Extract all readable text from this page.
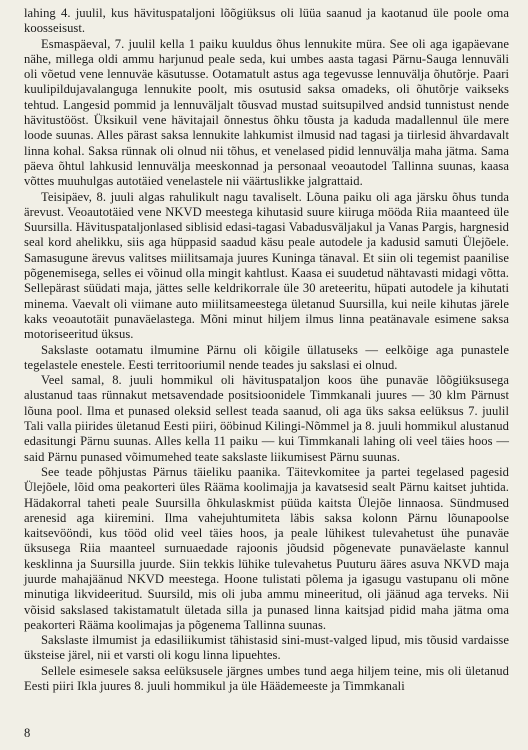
lahing 4. juulil, kus hävituspataljoni lõõgiüksus oli lüüa saanud ja kaotanud üle poole oma koosseisust.

Esmaspäeval, 7. juulil kella 1 paiku kuuldus õhus lennukite müra. See oli aga igapäevane nähe, millega oldi ammu harjunud peale seda, kui umbes aasta tagasi Pärnu-Sauga lennuväli oli võetud vene lennuväe käsutusse. Ootamatult astus aga tegevusse lennuvälja õhutõrje. Paari kuulipildujavalanguga lennukite poolt, mis osutusid saksa omadeks, oli õhutõrje vaikseks tehtud. Langesid pommid ja lennuväljalt tõusvad mustad suitsupilved andsid tunnistust nende hävitustööst. Üksikuil vene hävitajail õnnestus õhku tõusta ja kaduda madallennul üle mere loode suunas. Alles pärast saksa lennukite lahkumist ilmusid nad tagasi ja tiirlesid ähvardavalt linna kohal. Saksa rünnak oli olnud nii tõhus, et venelased pidid lennuvälja maha jätma. Sama päeva õhtul lahkusid lennuvälja meeskonnad ja personaal veoautodel Tallinna suunas, kaasa võttes muuhulgas autotäied venelastele nii väärtuslikke jalgrattaid.

Teisipäev, 8. juuli algas rahulikult nagu tavaliselt. Lõuna paiku oli aga järsku õhus tunda ärevust. Veoautotäied vene NKVD meestega kihutasid suure kiiruga mööda Riia maanteed üle Suursilla. Hävituspataljonlased siblisid edasi-tagasi Vabadusväljakul ja Vanas Pargis, hargnesid seal kord ahelikku, siis aga hüppasid saadud käsu peale autodele ja kadusid samuti Ülejõele. Samasugune ärevus valitses miilitsamaja juures Kuninga tänaval. Et siin oli tegemist paanilise põgenemisega, selles ei võinud olla mingit kahtlust. Kaasa ei suudetud nähtavasti midagi võtta. Sellepärast süüdati maja, jättes selle keldrikorrale üle 30 areteeritu, hüpati autodele ja kihutati minema. Vaevalt oli viimane auto miilitsameestega ületanud Suursilla, kui neile kihutas järele kaks veoautotäit punaväelastega. Mõni minut hiljem ilmus linna peatänavale esimene saksa motoriseeritud üksus.

Sakslaste ootamatu ilmumine Pärnu oli kõigile üllatuseks — eelkõige aga punastele tegelastele enestele. Eesti territooriumil nende teades ju sakslasi ei olnud.

Veel samal, 8. juuli hommikul oli hävituspataljon koos ühe punaväe lõõgiüksusega alustanud taas rünnakut metsavendade positsioonidele Timmkanali juures — 30 klm Pärnust lõuna pool. Ilma et punased oleksid sellest teada saanud, oli aga üks saksa eelüksus 7. juulil Tali valla piirides ületanud Eesti piiri, ööbinud Kilingi-Nõmmel ja 8. juuli hommikul alustanud edasitungi Pärnu suunas. Alles kella 11 paiku — kui Timmkanali lahing oli veel täies hoos — said Pärnu punased võimumehed teate sakslaste liikumisest Pärnu suunas.

See teade põhjustas Pärnus täieliku paanika. Täitevkomitee ja partei tegelased pagesid Ülejõele, lõid oma peakorteri üles Rääma koolimajja ja kavatsesid sealt Pärnu kaitset juhtida. Hädakorral taheti peale Suursilla õhkulaskmist püüda kaitsta Ülejõe linnaosa. Sündmused arenesid aga kiiremini. Ilma vahejuhtumiteta läbis saksa kolonn Pärnu lõunapoolse kaitsevööndi, kus tööd olid veel täies hoos, ja peale lühikest tulevahetust ühe punaväe üksusega Riia maanteel surnuaedade rajoonis jõudsid põgenevate punaväelaste kannul kesklinna ja Suursilla juurde. Siin tekkis lühike tulevahetus Puuturu ääres asuva NKVD maja juurde mahajäänud NKVD meestega. Hoone tulistati põlema ja igasugu vastupanu oli mõne minutiga likvideeritud. Suursild, mis oli juba ammu mineeritud, oli jäänud aga terveks. Nii võisid sakslased takistamatult ületada silla ja punased linna kaitsjad pidid maha jätma oma peakorteri Rääma koolimajas ja põgenema Tallinna suunas.

Sakslaste ilmumist ja edasiliikumist tähistasid sini-must-valged lipud, mis tõusid vardaisse üksteise järel, nii et varsti oli kogu linna lipuehtes.

Sellele esimesele saksa eelüksusele järgnes umbes tund aega hiljem teine, mis oli ületanud Eesti piiri Ikla juures 8. juuli hommikul ja üle Häädemeeste ja Timmkanali

8
